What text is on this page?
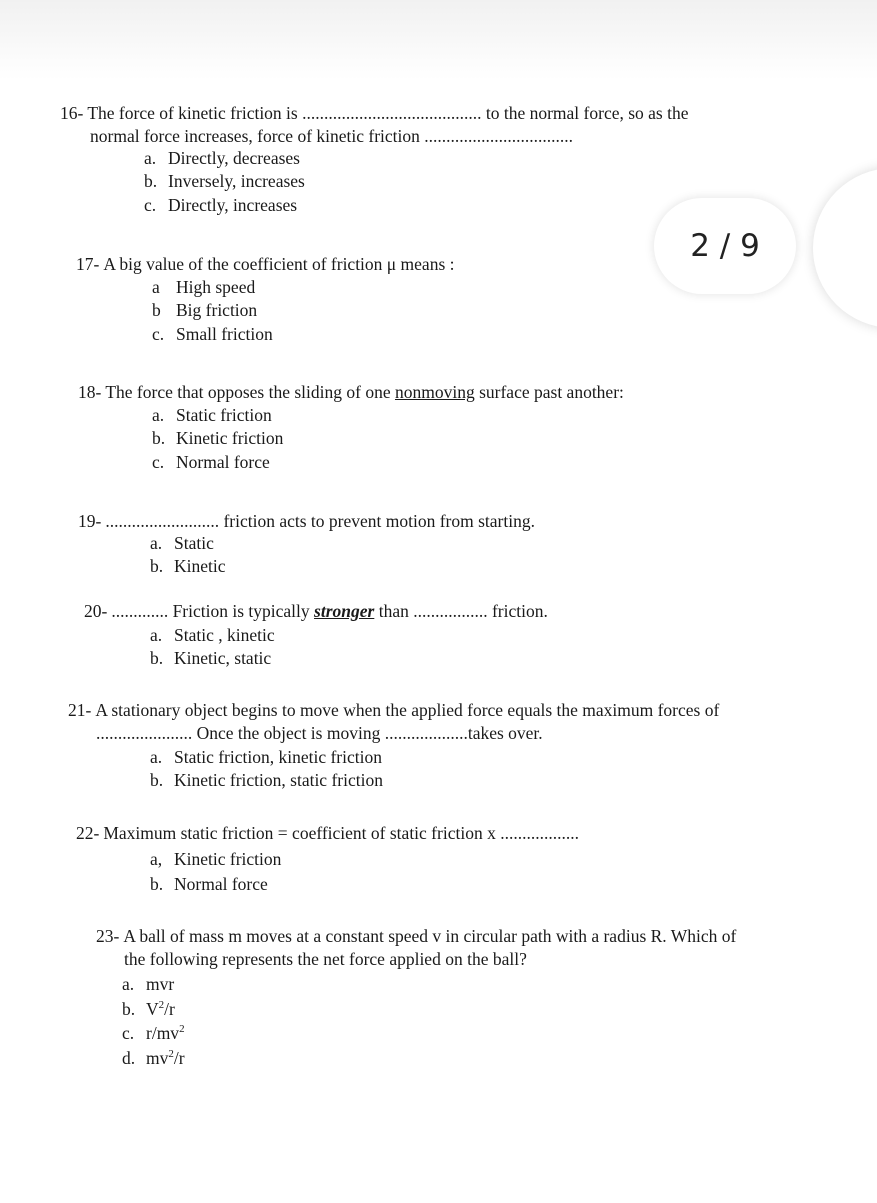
16- The force of kinetic friction is ......................................... to the normal force, so as the
normal force increases, force of kinetic friction ..................................
a. Directly, decreases
b. Inversely, increases
c. Directly, increases
17- A big value of the coefficient of friction μ means :
a High speed
b Big friction
c. Small friction
18- The force that opposes the sliding of one nonmoving surface past another:
a. Static friction
b. Kinetic friction
c. Normal force
19- .......................... friction acts to prevent motion from starting.
a. Static
b. Kinetic
20- ............. Friction is typically stronger than ................. friction.
a. Static , kinetic
b. Kinetic, static
21- A stationary object begins to move when the applied force equals the maximum forces of
...................... Once the object is moving ...................takes over.
a. Static friction, kinetic friction
b. Kinetic friction, static friction
22- Maximum static friction = coefficient of static friction x ..................
a, Kinetic friction
b. Normal force
23- A ball of mass m moves at a constant speed v in circular path with a radius R. Which of
the following represents the net force applied on the ball?
a. mvr
b. $V^2/r$
c. $r/mv^2$
d. $mv^2/r$
2 / 9
